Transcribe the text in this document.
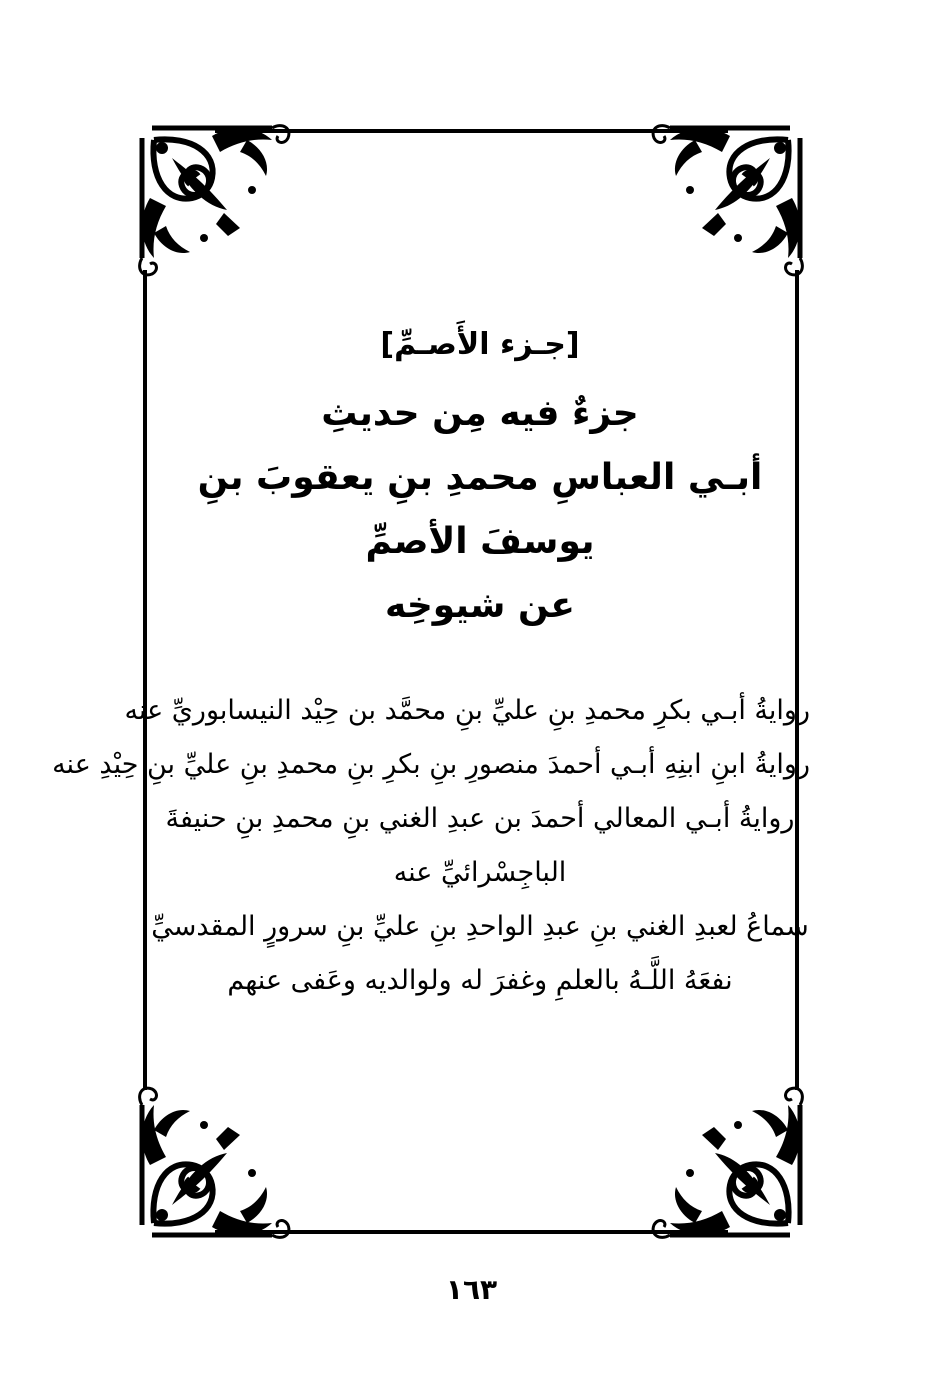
[جـزء الأَصـمِّ]

جزءٌ فيه مِن حديثِ

أبـي العباسِ محمدِ بنِ يعقوبَ بنِ يوسفَ الأصمِّ

عن شيوخِه

روايةُ أبـي بكرِ محمدِ بنِ عليِّ بنِ محمَّد بن حِيْد النيسابوريِّ عنه

روايةُ ابنِ ابنِهِ أبـي أحمدَ منصورِ بنِ بكرِ بنِ محمدِ بنِ عليِّ بنِ حِيْدِ عنه

روايةُ أبـي المعالي أحمدَ بن عبدِ الغني بنِ محمدِ بنِ حنيفةَ

الباجِسْرائيِّ عنه

سماعُ لعبدِ الغني بنِ عبدِ الواحدِ بنِ عليِّ بنِ سرورٍ المقدسيِّ

نفعَهُ اللَّـهُ بالعلمِ وغفرَ له ولوالديه وعَفى عنهم

١٦٣
